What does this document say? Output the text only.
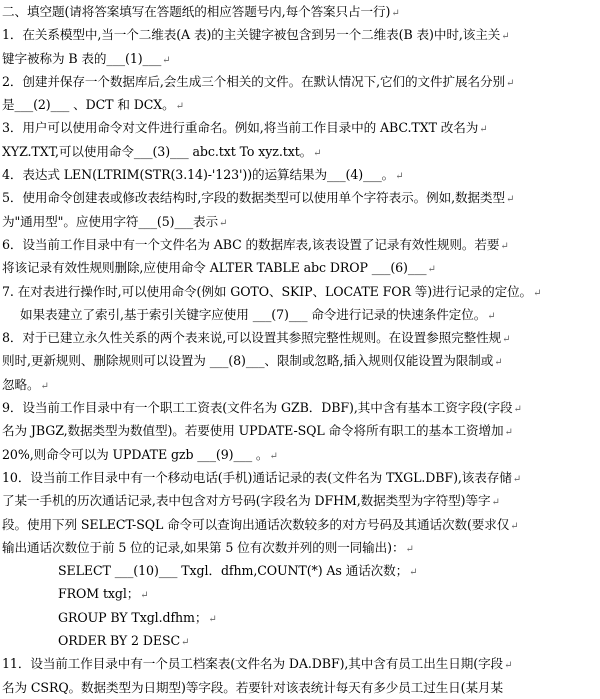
二、填空题(请将答案填写在答题纸的相应答题号内,每个答案只占一行)↵
1．在关系模型中,当一个二维表(A 表)的主关键字被包含到另一个二维表(B 表)中时,该主关↵
键字被称为 B 表的___(1)___↵
2．创建并保存一个数据库后,会生成三个相关的文件。在默认情况下,它们的文件扩展名分别↵
是___(2)___ 、DCT 和 DCX。↵
3．用户可以使用命令对文件进行重命名。例如,将当前工作目录中的 ABC.TXT 改名为↵
XYZ.TXT,可以使用命令___(3)___ abc.txt To xyz.txt。↵
4．表达式 LEN(LTRIM(STR(3.14)-'123'))的运算结果为___(4)___。↵
5．使用命令创建表或修改表结构时,字段的数据类型可以使用单个字符表示。例如,数据类型↵
为"通用型"。应使用字符___(5)___表示↵
6．设当前工作目录中有一个文件名为 ABC 的数据库表,该表设置了记录有效性规则。若要↵
将该记录有效性规则删除,应使用命令 ALTER TABLE abc DROP ___(6)___↵
7. 在对表进行操作时,可以使用命令(例如 GOTO、SKIP、LOCATE FOR 等)进行记录的定位。↵
如果表建立了索引,基于索引关键字应使用 ___(7)___ 命令进行记录的快速条件定位。↵
8．对于已建立永久性关系的两个表来说,可以设置其参照完整性规则。在设置参照完整性规↵
则时,更新规则、删除规则可以设置为 ___(8)___、限制或忽略,插入规则仅能设置为限制或↵
忽略。↵
9．设当前工作目录中有一个职工工资表(文件名为 GZB．DBF),其中含有基本工资字段(字段↵
名为 JBGZ,数据类型为数值型)。若要使用 UPDATE-SQL 命令将所有职工的基本工资增加↵
20%,则命令可以为 UPDATE gzb ___(9)___ 。↵
10．设当前工作目录中有一个移动电话(手机)通话记录的表(文件名为 TXGL.DBF),该表存储↵
了某一手机的历次通话记录,表中包含对方号码(字段名为 DFHM,数据类型为字符型)等字↵
段。使用下列 SELECT-SQL 命令可以查询出通话次数较多的对方号码及其通话次数(要求仅↵
输出通话次数位于前 5 位的记录,如果第 5 位有次数并列的则一同输出)：↵
SELECT ___(10)___ Txgl．dfhm,COUNT(*) As 通话次数；↵
FROM txgl；↵
GROUP BY Txgl.dfhm；↵
ORDER BY 2 DESC↵
11．设当前工作目录中有一个员工档案表(文件名为 DA.DBF),其中含有员工出生日期(字段↵
名为 CSRQ。数据类型为日期型)等字段。若要针对该表统计每天有多少员工过生日(某月某
